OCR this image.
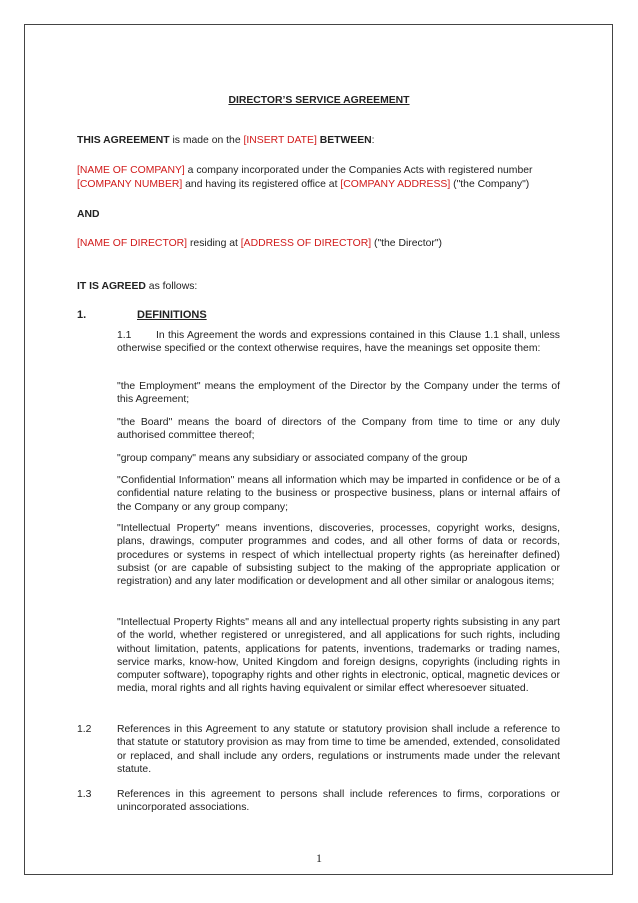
DIRECTOR’S SERVICE AGREEMENT
THIS AGREEMENT is made on the [INSERT DATE] BETWEEN:
[NAME OF COMPANY] a company incorporated under the Companies Acts with registered number
[COMPANY NUMBER] and having its registered office at [COMPANY ADDRESS] ("the Company")
AND
[NAME OF DIRECTOR] residing at [ADDRESS OF DIRECTOR] ("the Director")
IT IS AGREED as follows:
1.	DEFINITIONS
1.1	In this Agreement the words and expressions contained in this Clause 1.1 shall, unless otherwise specified or the context otherwise requires, have the meanings set opposite them:
"the Employment" means the employment of the Director by the Company under the terms of this Agreement;
"the Board" means the board of directors of the Company from time to time or any duly authorised committee thereof;
"group company" means any subsidiary or associated company of the group
"Confidential Information" means all information which may be imparted in confidence or be of a confidential nature relating to the business or prospective business, plans or internal affairs of the Company or any group company;
"Intellectual Property" means inventions, discoveries, processes, copyright works, designs, plans, drawings, computer programmes and codes, and all other forms of data or records, procedures or systems in respect of which intellectual property rights (as hereinafter defined) subsist (or are capable of subsisting subject to the making of the appropriate application or registration) and any later modification or development and all other similar or analogous items;
"Intellectual Property Rights" means all and any intellectual property rights subsisting in any part of the world, whether registered or unregistered, and all applications for such rights, including without limitation, patents, applications for patents, inventions, trademarks or trading names, service marks, know-how, United Kingdom and foreign designs, copyrights (including rights in computer software), topography rights and other rights in electronic, optical, magnetic devices or media, moral rights and all rights having equivalent or similar effect wheresoever situated.
1.2 References in this Agreement to any statute or statutory provision shall include a reference to that statute or statutory provision as may from time to time be amended, extended, consolidated or replaced, and shall include any orders, regulations or instruments made under the relevant statute.
1.3 References in this agreement to persons shall include references to firms, corporations or unincorporated associations.
1
